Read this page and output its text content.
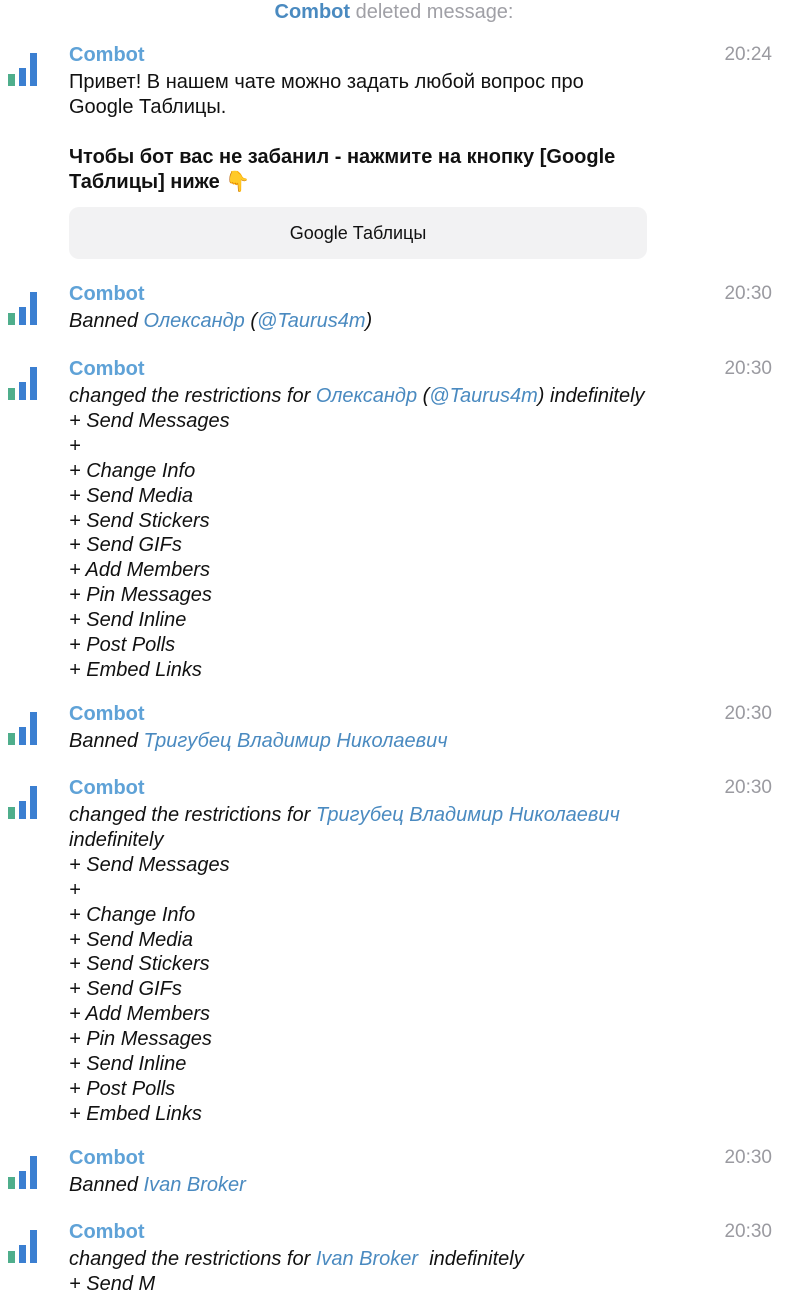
Combot deleted message:
Combot	20:24
Привет! В нашем чате можно задать любой вопрос про
Google Таблицы.
Чтобы бот вас не забанил - нажмите на кнопку [Google
Таблицы] ниже 👇
Google Таблицы
Combot	20:30
Banned Олександр (@Taurus4m)
Combot	20:30
changed the restrictions for Олександр (@Taurus4m) indefinitely
+ Send Messages
+
+ Change Info
+ Send Media
+ Send Stickers
+ Send GIFs
+ Add Members
+ Pin Messages
+ Send Inline
+ Post Polls
+ Embed Links
Combot	20:30
Banned Тригубец Владимир Николаевич
Combot	20:30
changed the restrictions for Тригубец Владимир Николаевич
indefinitely
+ Send Messages
+
+ Change Info
+ Send Media
+ Send Stickers
+ Send GIFs
+ Add Members
+ Pin Messages
+ Send Inline
+ Post Polls
+ Embed Links
Combot	20:30
Banned Ivan Broker
Combot	20:30
changed the restrictions for Ivan Broker  indefinitely
+ Send M
